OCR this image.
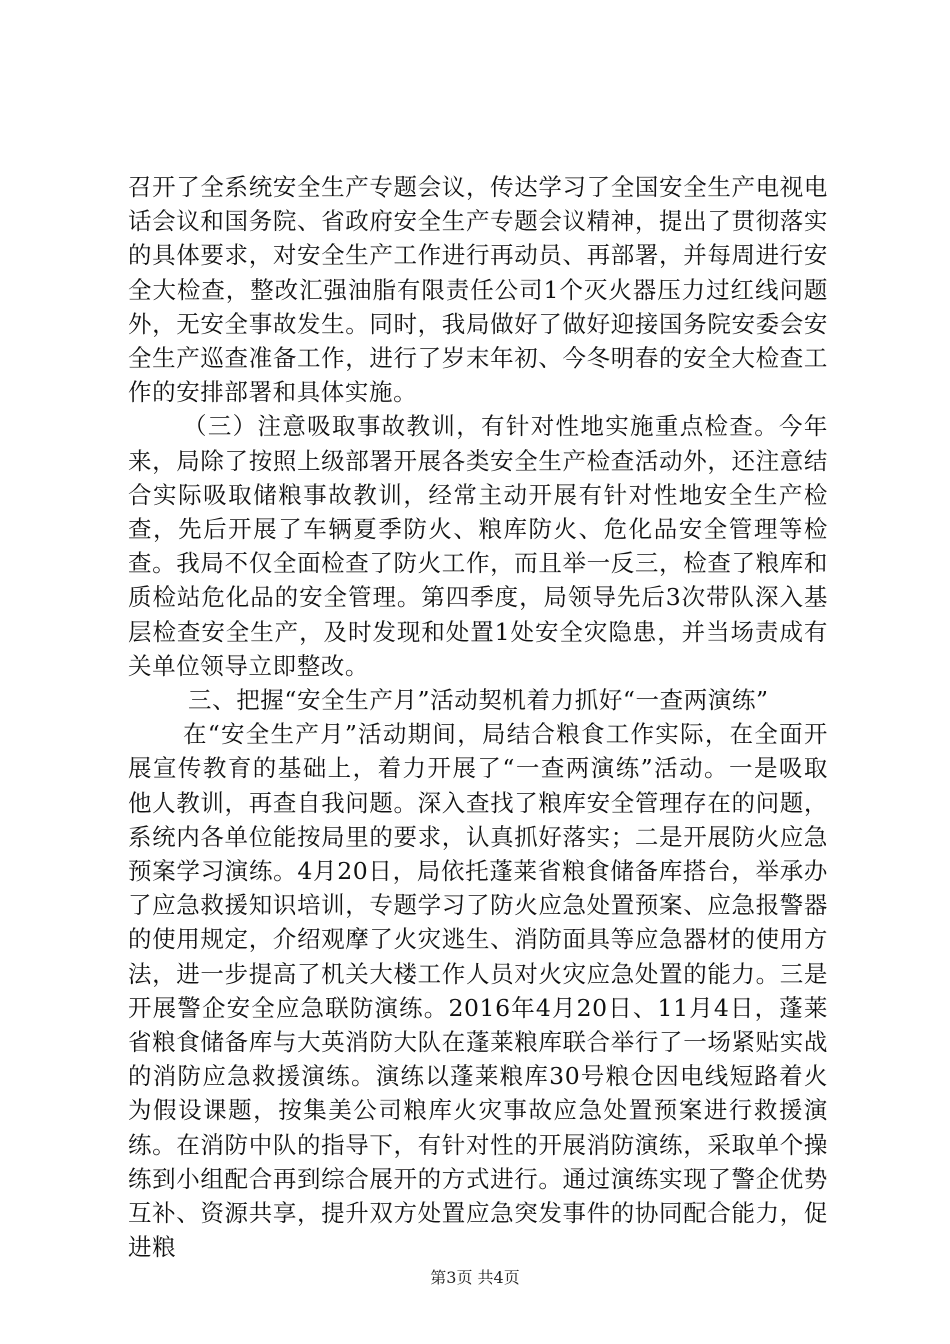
召开了全系统安全生产专题会议，传达学习了全国安全生产电视电话会议和国务院、省政府安全生产专题会议精神，提出了贯彻落实的具体要求，对安全生产工作进行再动员、再部署，并每周进行安全大检查，整改汇强油脂有限责任公司1个灭火器压力过红线问题外，无安全事故发生。同时，我局做好了做好迎接国务院安委会安全生产巡查准备工作，进行了岁末年初、今冬明春的安全大检查工作的安排部署和具体实施。

（三）注意吸取事故教训，有针对性地实施重点检查。今年来，局除了按照上级部署开展各类安全生产检查活动外，还注意结合实际吸取储粮事故教训，经常主动开展有针对性地安全生产检查，先后开展了车辆夏季防火、粮库防火、危化品安全管理等检查。我局不仅全面检查了防火工作，而且举一反三，检查了粮库和质检站危化品的安全管理。第四季度，局领导先后3次带队深入基层检查安全生产，及时发现和处置1处安全灾隐患，并当场责成有关单位领导立即整改。

三、把握“安全生产月”活动契机着力抓好“一查两演练”

在“安全生产月”活动期间，局结合粮食工作实际，在全面开展宣传教育的基础上，着力开展了“一查两演练”活动。一是吸取他人教训，再查自我问题。深入查找了粮库安全管理存在的问题，系统内各单位能按局里的要求，认真抓好落实；二是开展防火应急预案学习演练。4月20日，局依托蓬莱省粮食储备库搭台，举承办了应急救援知识培训，专题学习了防火应急处置预案、应急报警器的使用规定，介绍观摩了火灾逃生、消防面具等应急器材的使用方法，进一步提高了机关大楼工作人员对火灾应急处置的能力。三是开展警企安全应急联防演练。2016年4月20日、11月4日，蓬莱省粮食储备库与大英消防大队在蓬莱粮库联合举行了一场紧贴实战的消防应急救援演练。演练以蓬莱粮库30号粮仓因电线短路着火为假设课题，按集美公司粮库火灾事故应急处置预案进行救援演练。在消防中队的指导下，有针对性的开展消防演练，采取单个操练到小组配合再到综合展开的方式进行。通过演练实现了警企优势互补、资源共享，提升双方处置应急突发事件的协同配合能力，促进粮

第3页 共4页
